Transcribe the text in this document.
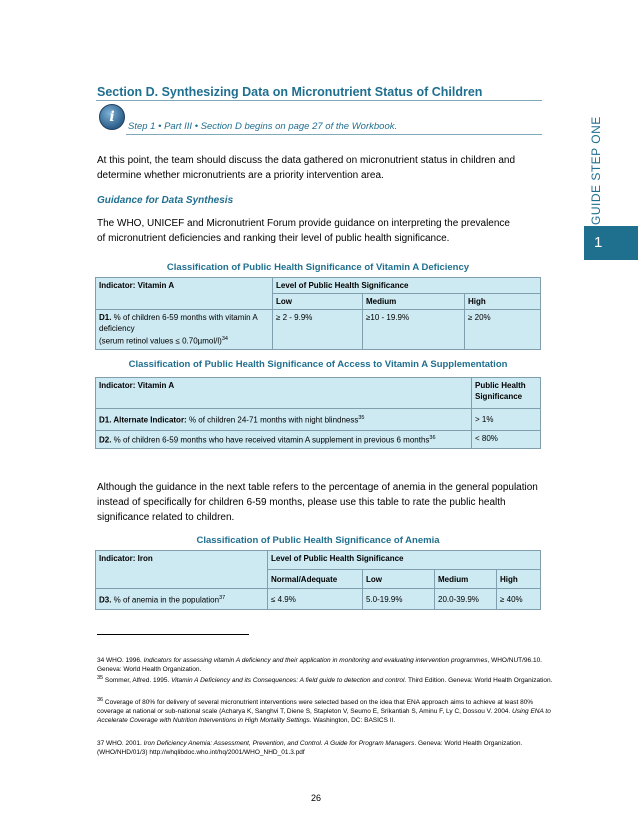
Section D. Synthesizing Data on Micronutrient Status of Children
i
Step 1 • Part III • Section D begins on page 27 of the Workbook.
At this point, the team should discuss the data gathered on micronutrient status in children and determine whether micronutrients are a priority intervention area.
Guidance for Data Synthesis
The WHO, UNICEF and Micronutrient Forum provide guidance on interpreting the prevalence of micronutrient deficiencies and ranking their level of public health significance.
Classification of Public Health Significance of Vitamin A Deficiency
Indicator: Vitamin A	Level of Public Health Significance		
	Low	Medium	High
D1. % of children 6-59 months with vitamin A deficiency
(serum retinol values ≤ 0.70µmol/l)$^{34}$	≥ 2 - 9.9%	≥10 - 19.9%	≥ 20%
Classification of Public Health Significance of Access to Vitamin A Supplementation
Indicator: Vitamin A	Public Health Significance
D1. Alternate Indicator: % of children 24-71 months with night blindness$^{35}$	> 1%
D2. % of children 6-59 months who have received vitamin A supplement in previous 6 months$^{36}$	< 80%
Although the guidance in the next table refers to the percentage of anemia in the general population instead of specifically for children 6-59 months, please use this table to rate the public health significance related to children.
Classification of Public Health Significance of Anemia
Indicator: Iron	Level of Public Health Significance			
	Normal/Adequate	Low	Medium	High
D3. % of anemia in the population$^{37}$	≤ 4.9%	5.0-19.9%	20.0-39.9%	≥ 40%
GUIDE STEP ONE
1
34 WHO. 1996. Indicators for assessing vitamin A deficiency and their application in monitoring and evaluating intervention programmes, WHO/NUT/96.10. Geneva: World Health Organization.
$^{35}$ Sommer, Alfred. 1995. Vitamin A Deficiency and its Consequences: A field guide to detection and control. Third Edition. Geneva: World Health Organization.
$^{36}$ Coverage of 80% for delivery of several micronutrient interventions were selected based on the idea that ENA approach aims to achieve at least 80% coverage at national or sub-national scale (Acharya K, Sanghvi T, Diene S, Stapleton V, Seumo E, Srikantiah S, Aminu F, Ly C, Dossou V. 2004. Using ENA to Accelerate Coverage with Nutrition Interventions in High Mortality Settings. Washington, DC: BASICS II.
37 WHO. 2001. Iron Deficiency Anemia: Assessment, Prevention, and Control. A Guide for Program Managers. Geneva: World Health Organization. (WHO/NHD/01/3) http://whqlibdoc.who.int/hq/2001/WHO_NHD_01.3.pdf
26
